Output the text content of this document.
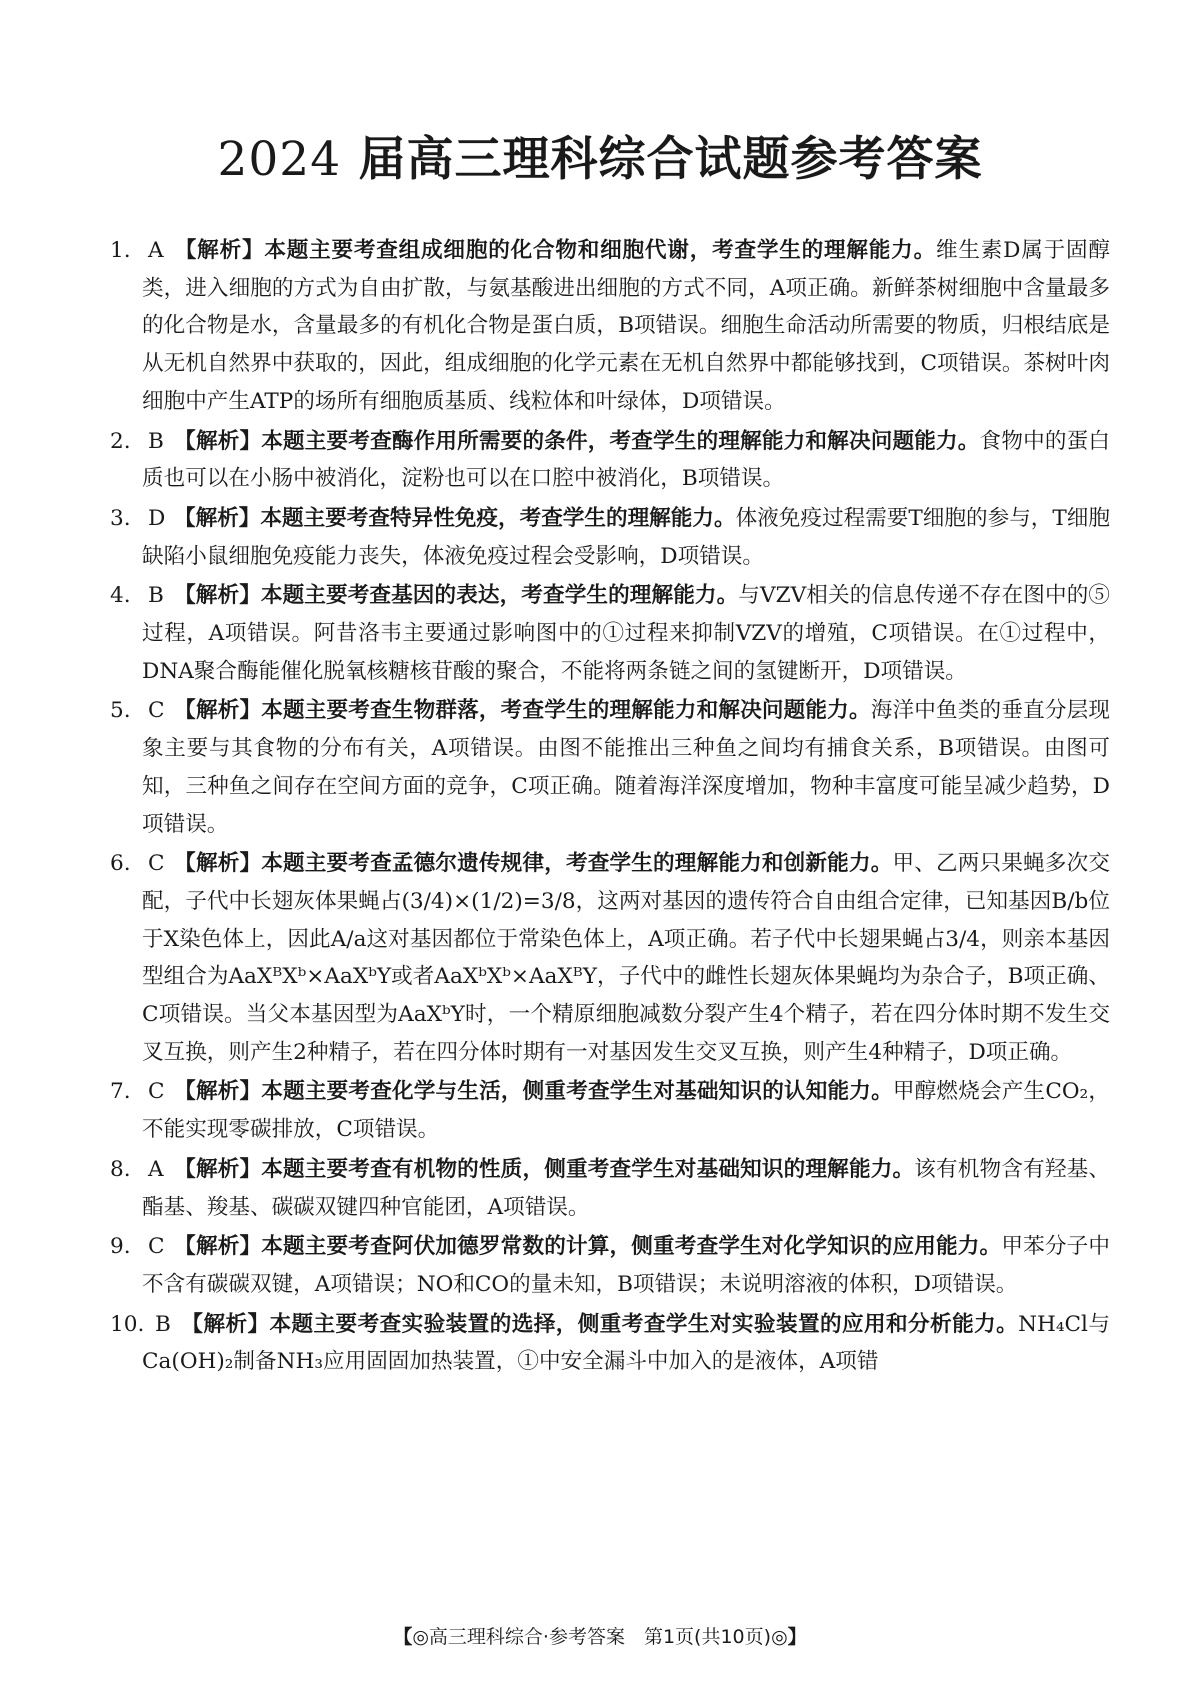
2024 届高三理科综合试题参考答案
1. A 【解析】本题主要考查组成细胞的化合物和细胞代谢，考查学生的理解能力。维生素D属于固醇类，进入细胞的方式为自由扩散，与氨基酸进出细胞的方式不同，A项正确。新鲜茶树细胞中含量最多的化合物是水，含量最多的有机化合物是蛋白质，B项错误。细胞生命活动所需要的物质，归根结底是从无机自然界中获取的，因此，组成细胞的化学元素在无机自然界中都能够找到，C项错误。茶树叶肉细胞中产生ATP的场所有细胞质基质、线粒体和叶绿体，D项错误。
2. B 【解析】本题主要考查酶作用所需要的条件，考查学生的理解能力和解决问题能力。食物中的蛋白质也可以在小肠中被消化，淀粉也可以在口腔中被消化，B项错误。
3. D 【解析】本题主要考查特异性免疫，考查学生的理解能力。体液免疫过程需要T细胞的参与，T细胞缺陷小鼠细胞免疫能力丧失，体液免疫过程会受影响，D项错误。
4. B 【解析】本题主要考查基因的表达，考查学生的理解能力。与VZV相关的信息传递不存在图中的⑤过程，A项错误。阿昔洛韦主要通过影响图中的①过程来抑制VZV的增殖，C项错误。在①过程中，DNA聚合酶能催化脱氧核糖核苷酸的聚合，不能将两条链之间的氢键断开，D项错误。
5. C 【解析】本题主要考查生物群落，考查学生的理解能力和解决问题能力。海洋中鱼类的垂直分层现象主要与其食物的分布有关，A项错误。由图不能推出三种鱼之间均有捕食关系，B项错误。由图可知，三种鱼之间存在空间方面的竞争，C项正确。随着海洋深度增加，物种丰富度可能呈减少趋势，D项错误。
6. C 【解析】本题主要考查孟德尔遗传规律，考查学生的理解能力和创新能力。甲、乙两只果蝇多次交配，子代中长翅灰体果蝇占(3/4)×(1/2)=3/8，这两对基因的遗传符合自由组合定律，已知基因B/b位于X染色体上，因此A/a这对基因都位于常染色体上，A项正确。若子代中长翅果蝇占3/4，则亲本基因型组合为AaXᴮXᵇ×AaXᵇY或者AaXᵇXᵇ×AaXᴮY，子代中的雌性长翅灰体果蝇均为杂合子，B项正确、C项错误。当父本基因型为AaXᵇY时，一个精原细胞减数分裂产生4个精子，若在四分体时期不发生交叉互换，则产生2种精子，若在四分体时期有一对基因发生交叉互换，则产生4种精子，D项正确。
7. C 【解析】本题主要考查化学与生活，侧重考查学生对基础知识的认知能力。甲醇燃烧会产生CO₂，不能实现零碳排放，C项错误。
8. A 【解析】本题主要考查有机物的性质，侧重考查学生对基础知识的理解能力。该有机物含有羟基、酯基、羧基、碳碳双键四种官能团，A项错误。
9. C 【解析】本题主要考查阿伏加德罗常数的计算，侧重考查学生对化学知识的应用能力。甲苯分子中不含有碳碳双键，A项错误；NO和CO的量未知，B项错误；未说明溶液的体积，D项错误。
10. B 【解析】本题主要考查实验装置的选择，侧重考查学生对实验装置的应用和分析能力。NH₄Cl与Ca(OH)₂制备NH₃应用固固加热装置，①中安全漏斗中加入的是液体，A项错
【◎高三理科综合·参考答案　第1页(共10页)◎】
